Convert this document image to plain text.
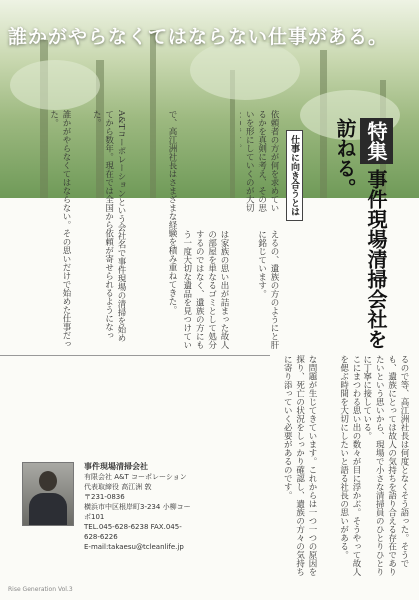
誰かがやらなくてはならない仕事がある。
特集 事件現場清掃会社を
訪ねる。
仕事に向き合うとは
るので等、高江洲社長は何度となくそう語った。そうでも、遺族にとっては故人の気持ちを語り合える存在でありたいという思いから、現場で小さな清掃員のひとりひとりに丁寧に接している。
こにまつわる思い出の数々が目に浮かぶ。そうやって故人を偲ぶ時間を大切にしたいと語る社長の思いがある。
な問題が生じてきています。これからは一つ一つの原因を探り、死亡の状況をしっかり確認し、遺族の方々の気持ちに寄り添っていく必要があるのです。
えるの、遺族の方のようにと肝に銘じています。
は家族の思い出が詰まった故人の部屋を単なるゴミとして処分するのではなく、遺族の方にもう一度大切な遺品を見つけてい
依頼者の方が何を求めているかを真剣に考え、その思いを形にしていくのが大切
で、高江洲社長はさまざまな経験を積み重ねてきた。
A&Tコーポレーションという会社名で事件現場の清掃を始めてから数年。現在では全国から依頼が寄せられるようになった。
誰かがやらなくてはならない。その思いだけで始めた仕事だった。
事件現場清掃会社
有限会社 A&T コーポレーション
代表取締役 高江洲 敦
〒231-0836
横浜市中区根岸町3-234 小柳コーポ101
TEL.045-628-6238 FAX.045-628-6226
E-mail:takaesu@tcleanlife.jp
Rise Generation Vol.3
